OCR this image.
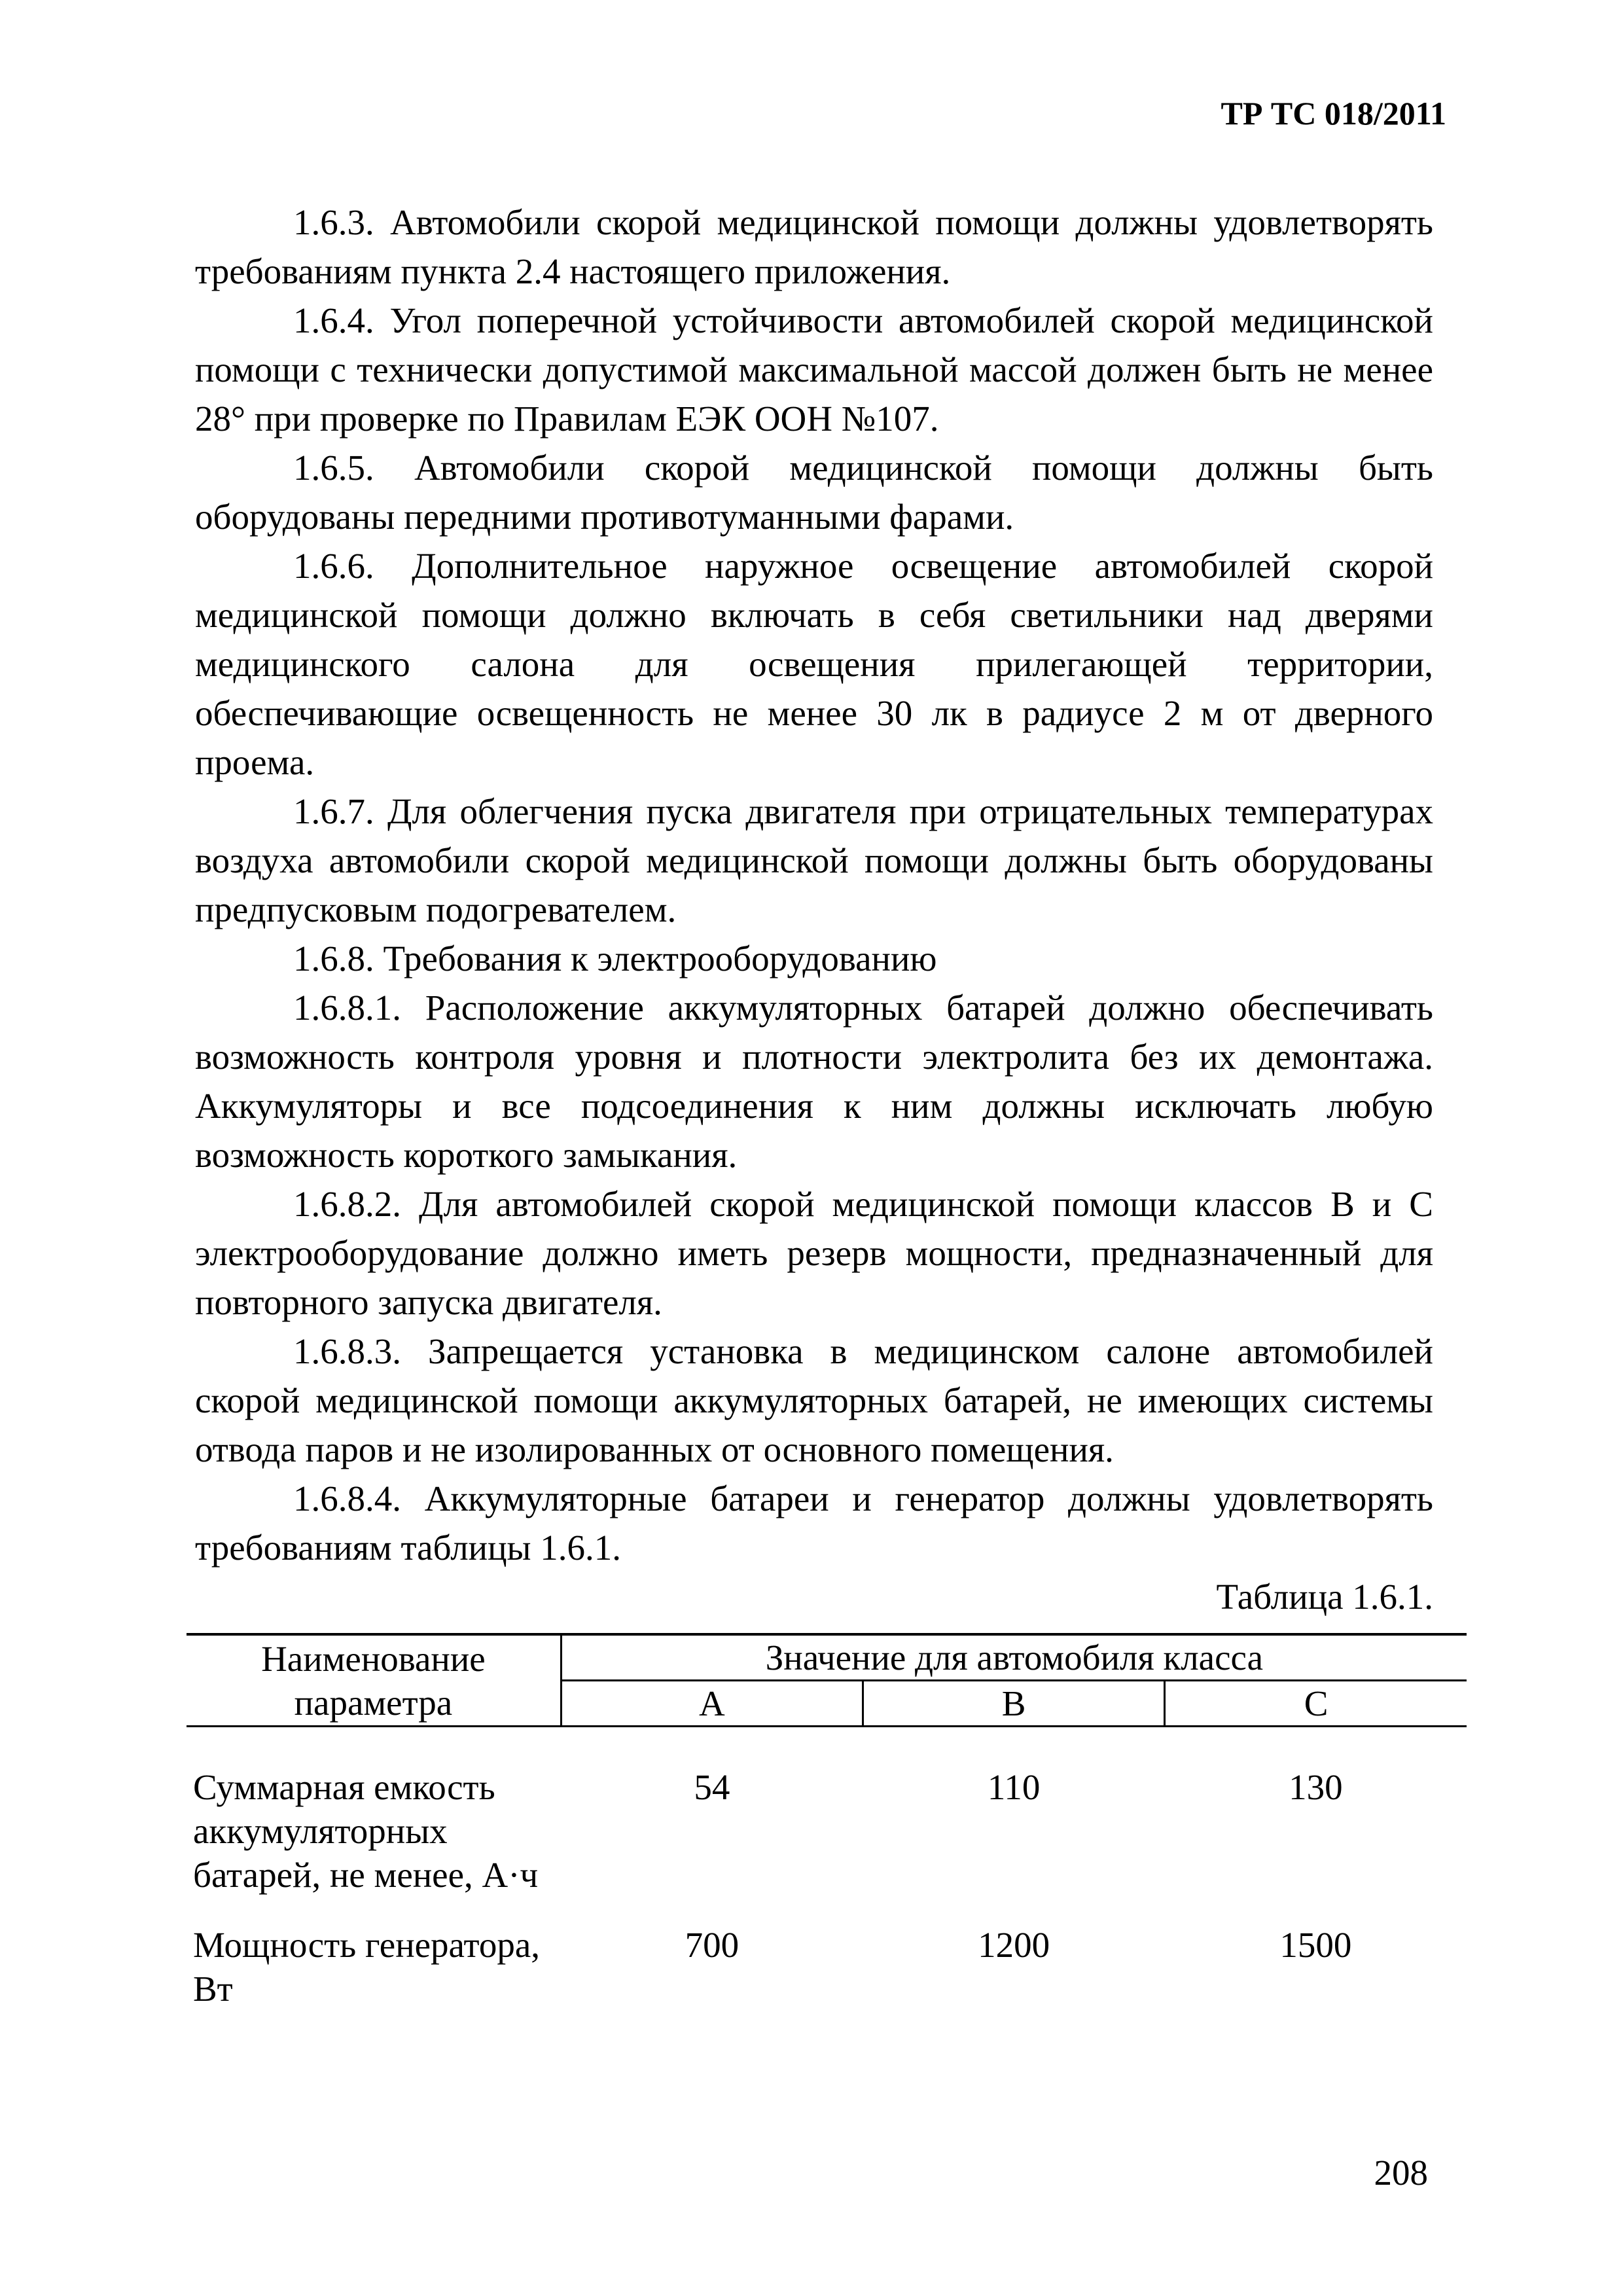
ТР ТС 018/2011

1.6.3. Автомобили скорой медицинской помощи должны удовлетворять требованиям пункта 2.4 настоящего приложения.

1.6.4. Угол поперечной устойчивости автомобилей скорой медицинской помощи с технически допустимой максимальной массой должен быть не менее 28° при проверке по Правилам ЕЭК ООН №107.

1.6.5. Автомобили скорой медицинской помощи должны быть оборудованы передними противотуманными фарами.

1.6.6. Дополнительное наружное освещение автомобилей скорой медицинской помощи должно включать в себя светильники над дверями медицинского салона для освещения прилегающей территории, обеспечивающие освещенность не менее 30 лк в радиусе 2 м от дверного проема.

1.6.7. Для облегчения пуска двигателя при отрицательных температурах воздуха автомобили скорой медицинской помощи должны быть оборудованы предпусковым подогревателем.

1.6.8. Требования к электрооборудованию

1.6.8.1. Расположение аккумуляторных батарей должно обеспечивать возможность контроля уровня и плотности электролита без их демонтажа. Аккумуляторы и все подсоединения к ним должны исключать любую возможность короткого замыкания.

1.6.8.2. Для автомобилей скорой медицинской помощи классов В и С электрооборудование должно иметь резерв мощности, предназначенный для повторного запуска двигателя.

1.6.8.3. Запрещается установка в медицинском салоне автомобилей скорой медицинской помощи аккумуляторных батарей, не имеющих системы отвода паров и не изолированных от основного помещения.

1.6.8.4. Аккумуляторные батареи и генератор должны удовлетворять требованиям таблицы 1.6.1.

Таблица 1.6.1.

Наименование параметра	Значение для автомобиля класса		
	А	В	С

Суммарная емкость аккумуляторных батарей, не менее, А·ч	54	110	130
Мощность генератора, Вт	700	1200	1500
208
